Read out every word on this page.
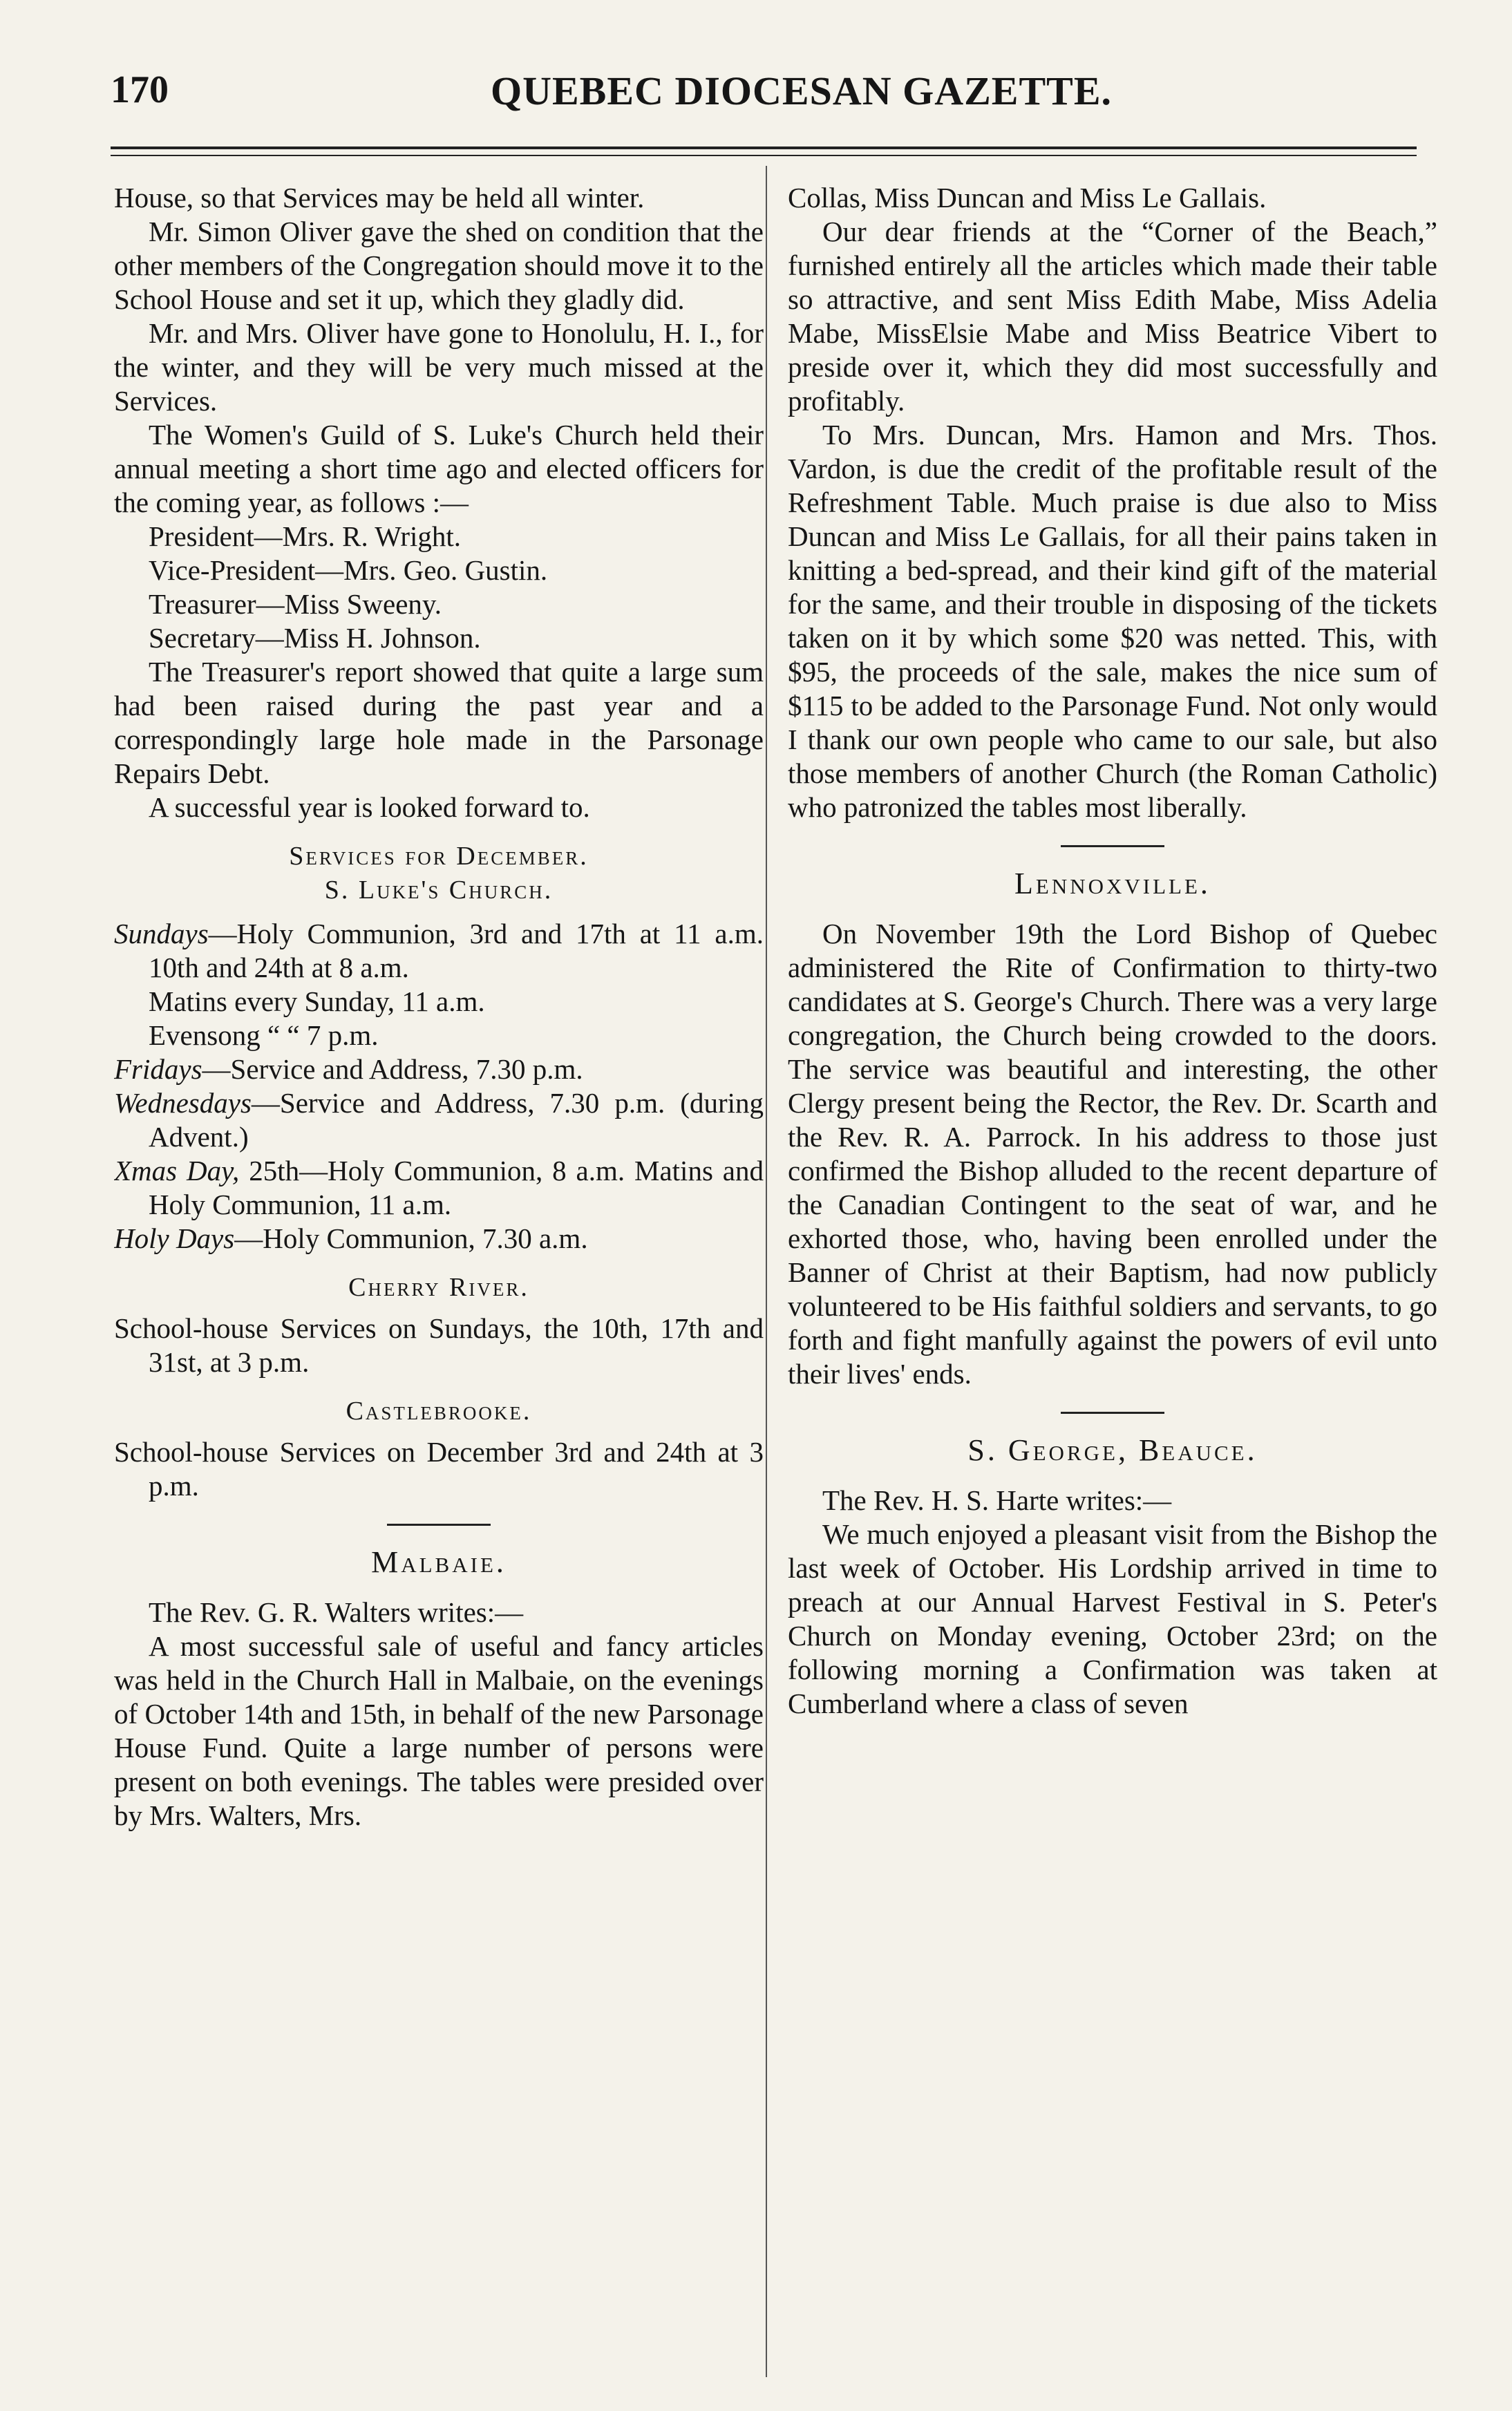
170	QUEBEC DIOCESAN GAZETTE.

House, so that Services may be held all winter.

Mr. Simon Oliver gave the shed on condition that the other members of the Congregation should move it to the School House and set it up, which they gladly did.

Mr. and Mrs. Oliver have gone to Honolulu, H. I., for the winter, and they will be very much missed at the Services.

The Women's Guild of S. Luke's Church held their annual meeting a short time ago and elected officers for the coming year, as follows :—

President—Mrs. R. Wright.

Vice-President—Mrs. Geo. Gustin.

Treasurer—Miss Sweeny.

Secretary—Miss H. Johnson.

The Treasurer's report showed that quite a large sum had been raised during the past year and a correspondingly large hole made in the Parsonage Repairs Debt.

A successful year is looked forward to.

Services for December.

S. Luke's Church.

Sundays—Holy Communion, 3rd and 17th at 11 a.m. 10th and 24th at 8 a.m.

Matins every Sunday, 11 a.m.

Evensong “ “ 7 p.m.

Fridays—Service and Address, 7.30 p.m.

Wednesdays—Service and Address, 7.30 p.m. (during Advent.)

Xmas Day, 25th—Holy Communion, 8 a.m. Matins and Holy Communion, 11 a.m.

Holy Days—Holy Communion, 7.30 a.m.

Cherry River.

School-house Services on Sundays, the 10th, 17th and 31st, at 3 p.m.

Castlebrooke.

School-house Services on December 3rd and 24th at 3 p.m.

Malbaie.

The Rev. G. R. Walters writes:—

A most successful sale of useful and fancy articles was held in the Church Hall in Malbaie, on the evenings of October 14th and 15th, in behalf of the new Parsonage House Fund. Quite a large number of persons were present on both evenings. The tables were presided over by Mrs. Walters, Mrs.

Collas, Miss Duncan and Miss Le Gallais.

Our dear friends at the “Corner of the Beach,” furnished entirely all the articles which made their table so attractive, and sent Miss Edith Mabe, Miss Adelia Mabe, MissElsie Mabe and Miss Beatrice Vibert to preside over it, which they did most successfully and profitably.

To Mrs. Duncan, Mrs. Hamon and Mrs. Thos. Vardon, is due the credit of the profitable result of the Refreshment Table. Much praise is due also to Miss Duncan and Miss Le Gallais, for all their pains taken in knitting a bed-spread, and their kind gift of the material for the same, and their trouble in disposing of the tickets taken on it by which some $20 was netted. This, with $95, the proceeds of the sale, makes the nice sum of $115 to be added to the Parsonage Fund. Not only would I thank our own people who came to our sale, but also those members of another Church (the Roman Catholic) who patronized the tables most liberally.

Lennoxville.

On November 19th the Lord Bishop of Quebec administered the Rite of Confirmation to thirty-two candidates at S. George's Church. There was a very large congregation, the Church being crowded to the doors. The service was beautiful and interesting, the other Clergy present being the Rector, the Rev. Dr. Scarth and the Rev. R. A. Parrock. In his address to those just confirmed the Bishop alluded to the recent departure of the Canadian Contingent to the seat of war, and he exhorted those, who, having been enrolled under the Banner of Christ at their Baptism, had now publicly volunteered to be His faithful soldiers and servants, to go forth and fight manfully against the powers of evil unto their lives' ends.

S. George, Beauce.

The Rev. H. S. Harte writes:—

We much enjoyed a pleasant visit from the Bishop the last week of October. His Lordship arrived in time to preach at our Annual Harvest Festival in S. Peter's Church on Monday evening, October 23rd; on the following morning a Confirmation was taken at Cumberland where a class of seven
